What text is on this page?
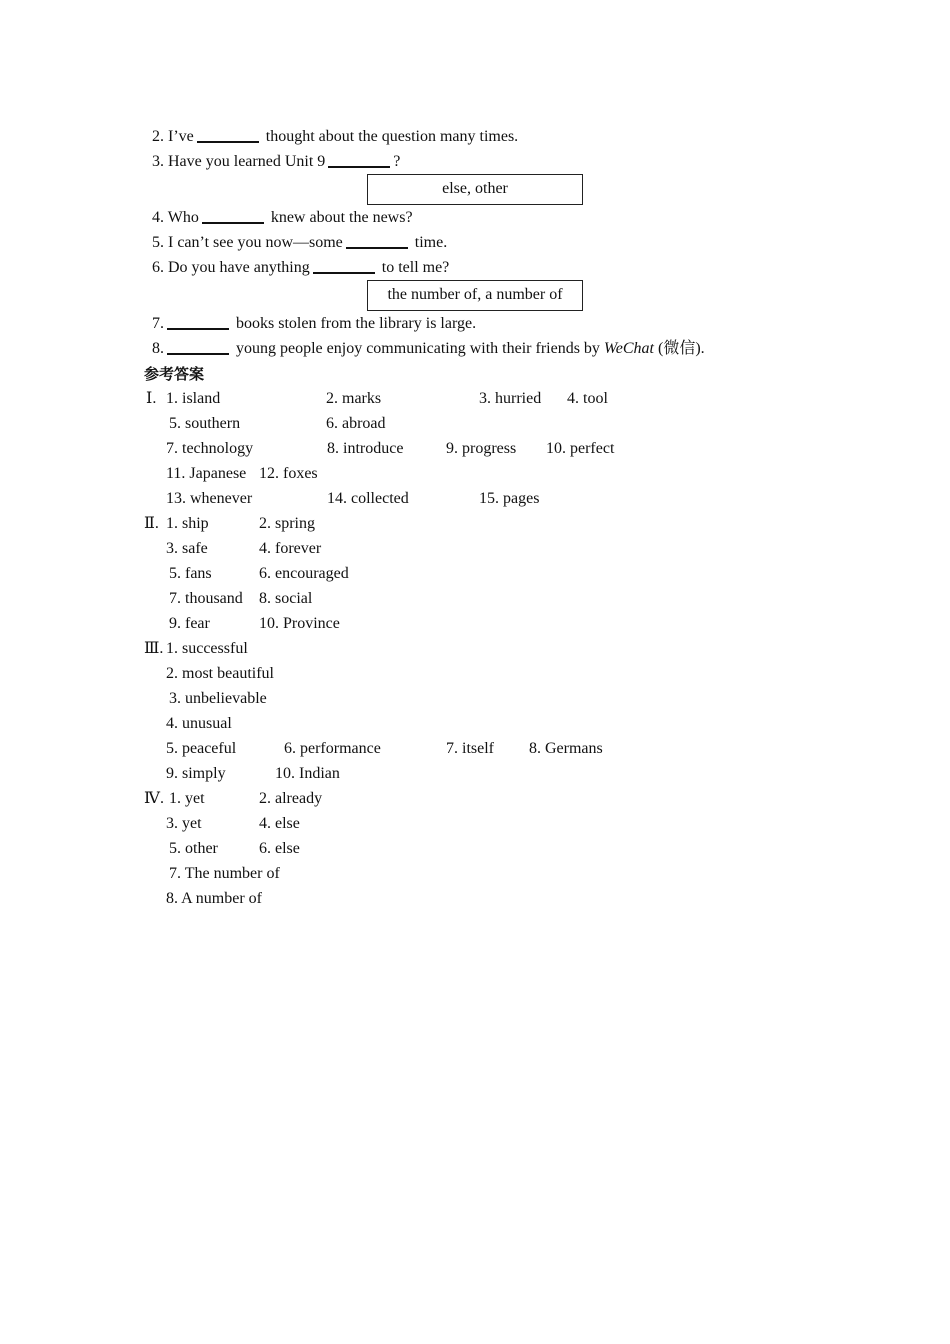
2. I’ve	thought about the question many times.
3. Have you learned Unit 9	?
else, other
4. Who	knew about the news?
5. I can’t see you now—some	time.
6. Do you have anything	to tell me?
the number of, a number of
7.	books stolen from the library is large.
8.	young people enjoy communicating with their friends by WeChat (微信).
参考答案
Ⅰ. 1. island	2. marks	3. hurried 4. tool
5. southern	6. abroad
7. technology	8. introduce	9. progress 10. perfect
11. Japanese 12. foxes
13. whenever	14. collected	15. pages
Ⅱ. 1. ship	2. spring
3. safe	4. forever
5. fans	6. encouraged
7. thousand 8. social
9. fear	10. Province
Ⅲ. 1. successful
2. most beautiful
3. unbelievable
4. unusual
5. peaceful	6. performance	7. itself 8. Germans
9. simply	10. Indian
Ⅳ. 1. yet	2. already
3. yet	4. else
5. other	6. else
7. The number of
8. A number of
